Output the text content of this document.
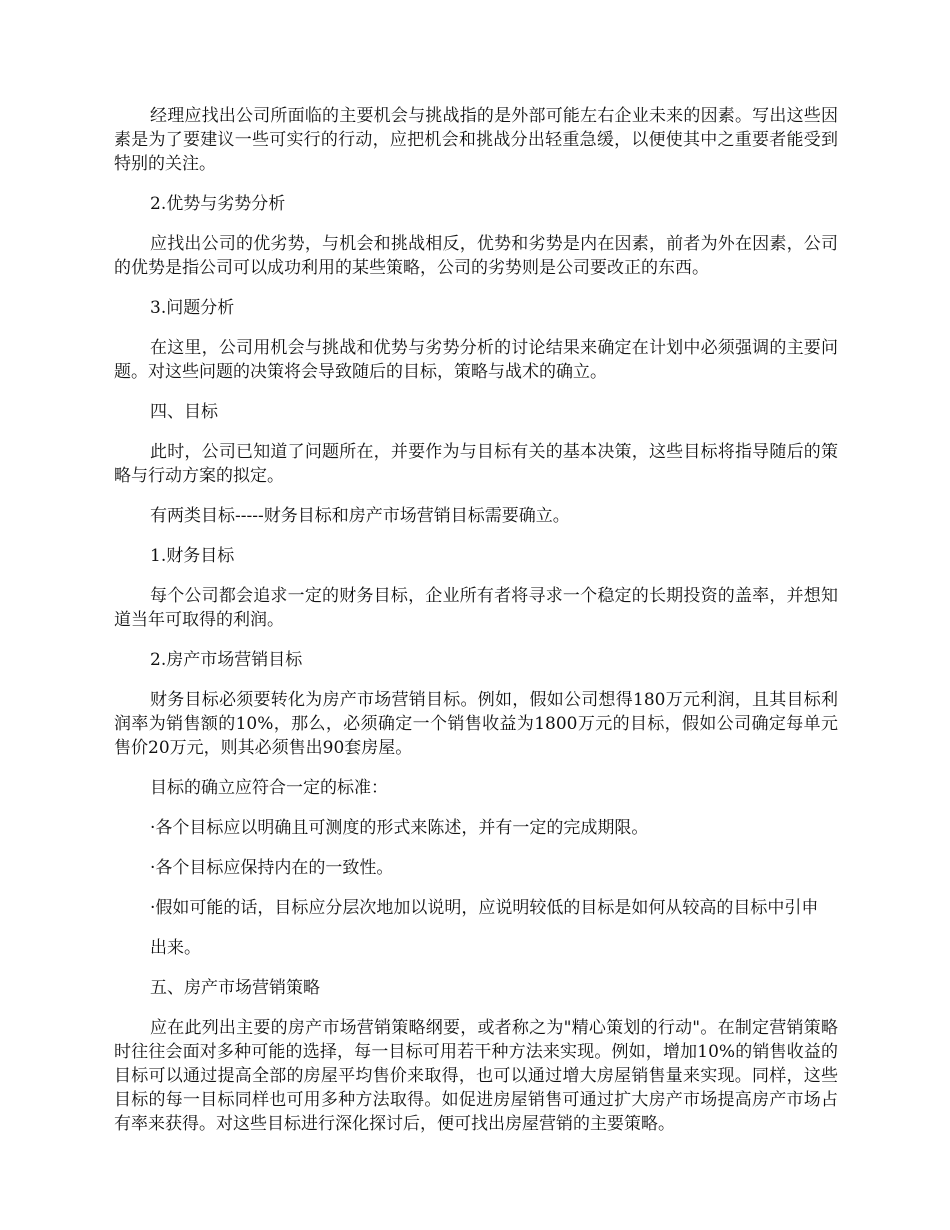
经理应找出公司所面临的主要机会与挑战指的是外部可能左右企业未来的因素。写出这些因素是为了要建议一些可实行的行动，应把机会和挑战分出轻重急缓，以便使其中之重要者能受到特别的关注。

2.优势与劣势分析

应找出公司的优劣势，与机会和挑战相反，优势和劣势是内在因素，前者为外在因素，公司的优势是指公司可以成功利用的某些策略，公司的劣势则是公司要改正的东西。

3.问题分析

在这里，公司用机会与挑战和优势与劣势分析的讨论结果来确定在计划中必须强调的主要问题。对这些问题的决策将会导致随后的目标，策略与战术的确立。

四、目标

此时，公司已知道了问题所在，并要作为与目标有关的基本决策，这些目标将指导随后的策略与行动方案的拟定。

有两类目标-----财务目标和房产市场营销目标需要确立。

1.财务目标

每个公司都会追求一定的财务目标，企业所有者将寻求一个稳定的长期投资的盖率，并想知道当年可取得的利润。

2.房产市场营销目标

财务目标必须要转化为房产市场营销目标。例如，假如公司想得180万元利润，且其目标利润率为销售额的10%，那么，必须确定一个销售收益为1800万元的目标，假如公司确定每单元售价20万元，则其必须售出90套房屋。

目标的确立应符合一定的标准：

·各个目标应以明确且可测度的形式来陈述，并有一定的完成期限。

·各个目标应保持内在的一致性。

·假如可能的话，目标应分层次地加以说明，应说明较低的目标是如何从较高的目标中引申

出来。

五、房产市场营销策略

应在此列出主要的房产市场营销策略纲要，或者称之为"精心策划的行动"。在制定营销策略时往往会面对多种可能的选择，每一目标可用若干种方法来实现。例如，增加10%的销售收益的目标可以通过提高全部的房屋平均售价来取得，也可以通过增大房屋销售量来实现。同样，这些目标的每一目标同样也可用多种方法取得。如促进房屋销售可通过扩大房产市场提高房产市场占有率来获得。对这些目标进行深化探讨后，便可找出房屋营销的主要策略。
